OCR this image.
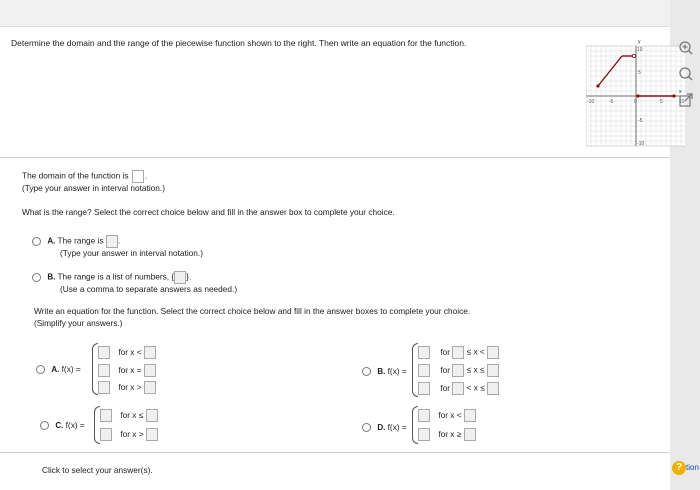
Determine the domain and the range of the piecewise function shown to the right. Then write an equation for the function.	y
x
-10	-5	0	5	10
10
5
-5
-10
The domain of the function is .
(Type your answer in interval notation.)
What is the range? Select the correct choice below and fill in the answer box to complete your choice.
A. The range is .
(Type your answer in interval notation.)
B. The range is a list of numbers, { }.
(Use a comma to separate answers as needed.)
Write an equation for the function. Select the correct choice below and fill in the answer boxes to complete your choice.
(Simplify your answers.)
A. f(x) =
for x <
for x =
for x >
B. f(x) =
for ≤ x <
for ≤ x ≤
for < x ≤
C. f(x) =
for x ≤
for x >
D. f(x) =
for x <
for x ≥
Click to select your answer(s).	? tion
